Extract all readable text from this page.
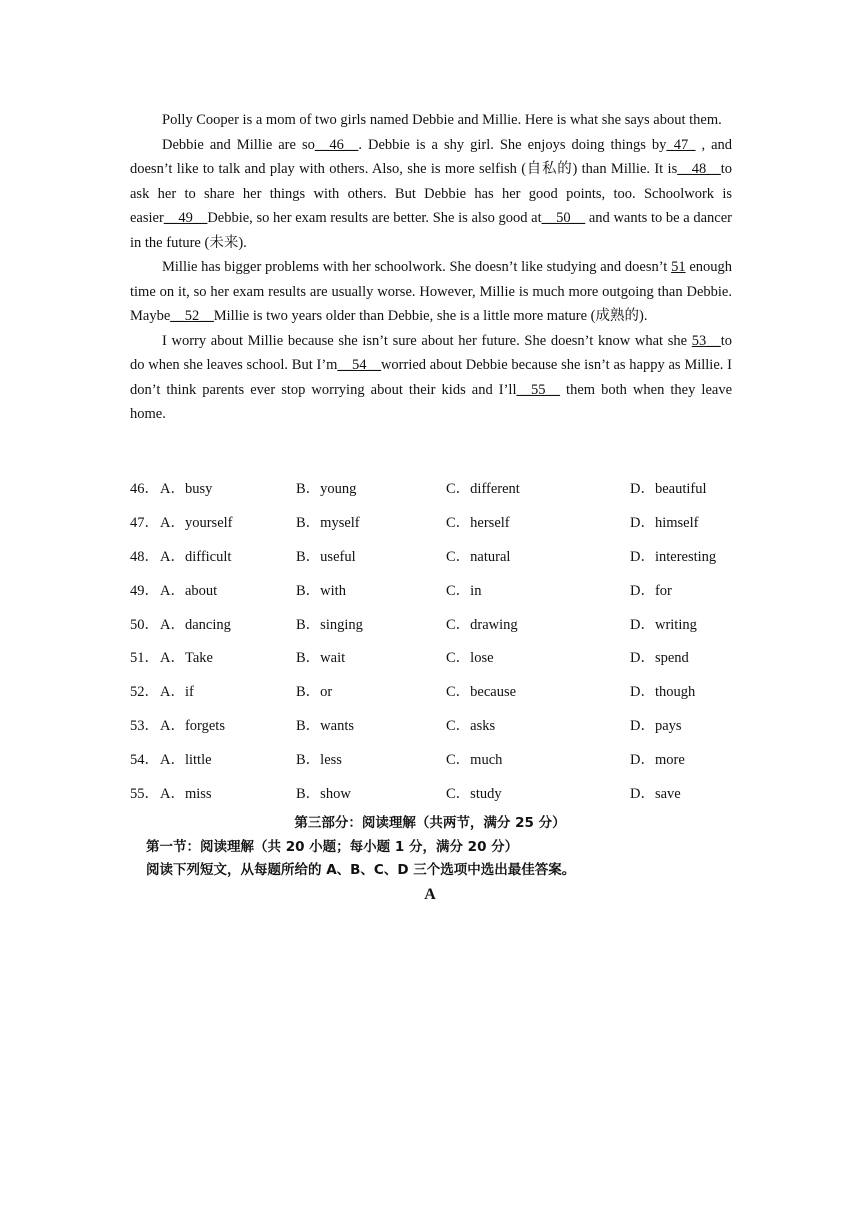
Polly Cooper is a mom of two girls named Debbie and Millie. Here is what she says about them.

Debbie and Millie are so__46__. Debbie is a shy girl. She enjoys doing things by_47_ , and doesn’t like to talk and play with others. Also, she is more selfish (自私的) than Millie. It is__48__to ask her to share her things with others. But Debbie has her good points, too. Schoolwork is easier__49__Debbie, so her exam results are better. She is also good at__50__ and wants to be a dancer in the future (未来).

Millie has bigger problems with her schoolwork. She doesn’t like studying and doesn’t 51 enough time on it, so her exam results are usually worse. However, Millie is much more outgoing than Debbie. Maybe__52__Millie is two years older than Debbie, she is a little more mature (成熟的).

I worry about Millie because she isn’t sure about her future. She doesn’t know what she 53__to do when she leaves school. But I’m__54__worried about Debbie because she isn’t as happy as Millie. I don’t think parents ever stop worrying about their kids and I’ll__55__ them both when they leave home.

46． A．busy	B．young	C．different	D．beautiful
47． A．yourself	B．myself	C．herself	D．himself
48． A．difficult	B．useful	C．natural	D．interesting
49． A．about	B．with	C．in	D．for
50． A．dancing	B．singing	C．drawing	D．writing
51． A．Take	B．wait	C．lose	D．spend
52． A．if	B．or	C．because	D．though
53． A．forgets	B．wants	C．asks	D．pays
54． A．little	B．less	C．much	D．more
55． A．miss	B．show	C．study	D．save
第三部分：阅读理解（共两节，满分 25 分）
第一节：阅读理解（共 20 小题；每小题 1 分，满分 20 分）
阅读下列短文，从每题所给的 A、B、C、D 三个选项中选出最佳答案。
A
